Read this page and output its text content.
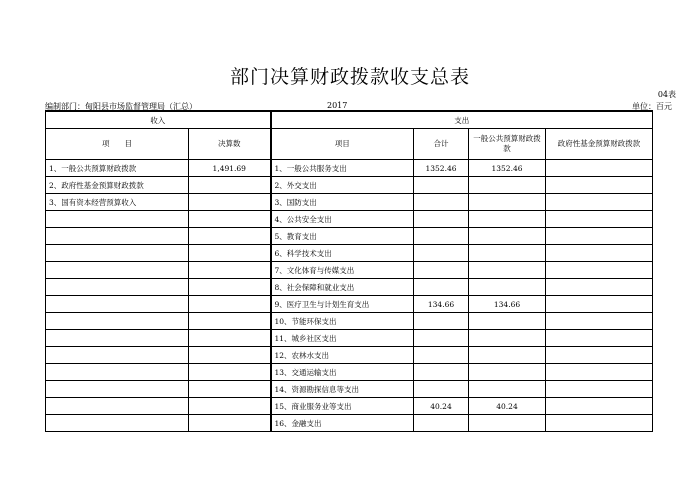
部门决算财政拨款收支总表
04表
编制部门：甸阳县市场监督管理局（汇总）	2017	单位：百元
收入		支出			
项　　目	决算数	项目	合计	一般公共预算财政拨款	政府性基金预算财政拨款
1、一般公共预算财政拨款	1,491.69	1、一般公共服务支出	1352.46	1352.46	
2、政府性基金预算财政拨款		2、外交支出			
3、国有资本经营预算收入		3、国防支出			
		4、公共安全支出			
		5、教育支出			
		6、科学技术支出			
		7、文化体育与传媒支出			
		8、社会保障和就业支出			
		9、医疗卫生与计划生育支出	134.66	134.66	
		10、节能环保支出			
		11、城乡社区支出			
		12、农林水支出			
		13、交通运输支出			
		14、资源勘探信息等支出			
		15、商业服务业等支出	40.24	40.24	
		16、金融支出			
